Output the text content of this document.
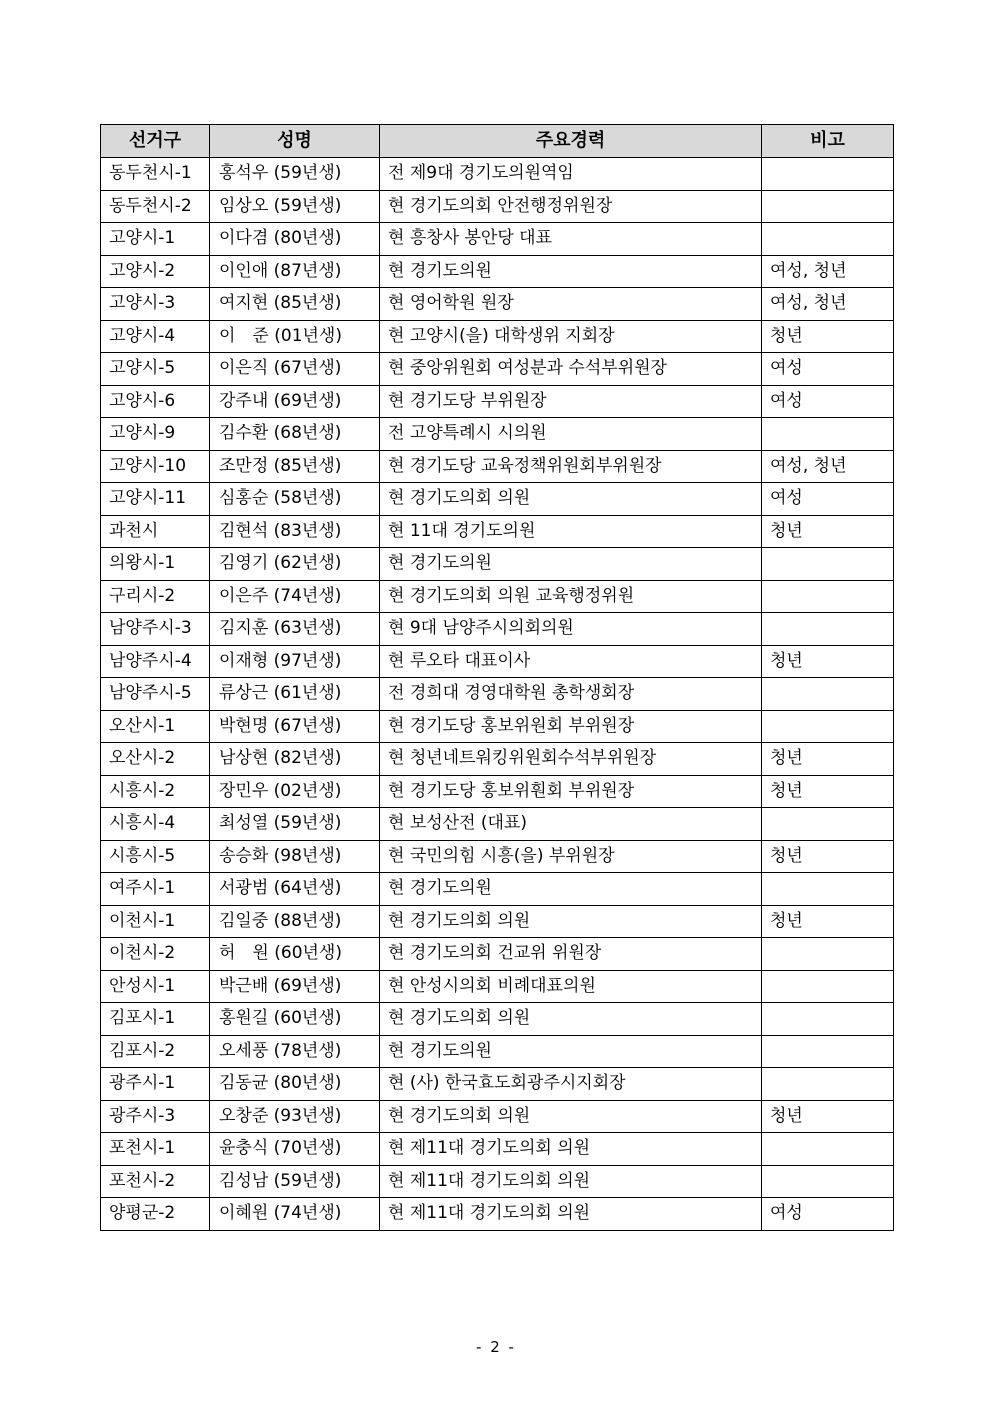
선거구	성명	주요경력	비고
동두천시-1	홍석우 (59년생)	전 제9대 경기도의원역임	
동두천시-2	임상오 (59년생)	현 경기도의회 안전행정위원장	
고양시-1	이다겸 (80년생)	현 흥창사 봉안당 대표	
고양시-2	이인애 (87년생)	현 경기도의원	여성, 청년
고양시-3	여지현 (85년생)	현 영어학원 원장	여성, 청년
고양시-4	이　준 (01년생)	현 고양시(을) 대학생위 지회장	청년
고양시-5	이은직 (67년생)	현 중앙위원회 여성분과 수석부위원장	여성
고양시-6	강주내 (69년생)	현 경기도당 부위원장	여성
고양시-9	김수환 (68년생)	전 고양특례시 시의원	
고양시-10	조만정 (85년생)	현 경기도당 교육정책위원회부위원장	여성, 청년
고양시-11	심홍순 (58년생)	현 경기도의회 의원	여성
과천시	김현석 (83년생)	현 11대 경기도의원	청년
의왕시-1	김영기 (62년생)	현 경기도의원	
구리시-2	이은주 (74년생)	현 경기도의회 의원 교육행정위원	
남양주시-3	김지훈 (63년생)	현 9대 남양주시의회의원	
남양주시-4	이재형 (97년생)	현 루오타 대표이사	청년
남양주시-5	류상근 (61년생)	전 경희대 경영대학원 총학생회장	
오산시-1	박현명 (67년생)	현 경기도당 홍보위원회 부위원장	
오산시-2	남상현 (82년생)	현 청년네트워킹위원회수석부위원장	청년
시흥시-2	장민우 (02년생)	현 경기도당 홍보위훤회 부위원장	청년
시흥시-4	최성열 (59년생)	현 보성산전 (대표)	
시흥시-5	송승화 (98년생)	현 국민의힘 시흥(을) 부위원장	청년
여주시-1	서광범 (64년생)	현 경기도의원	
이천시-1	김일중 (88년생)	현 경기도의회 의원	청년
이천시-2	허　원 (60년생)	현 경기도의회 건교위 위원장	
안성시-1	박근배 (69년생)	현 안성시의회 비례대표의원	
김포시-1	홍원길 (60년생)	현 경기도의회 의원	
김포시-2	오세풍 (78년생)	현 경기도의원	
광주시-1	김동균 (80년생)	현 (사) 한국효도회광주시지회장	
광주시-3	오창준 (93년생)	현 경기도의회 의원	청년
포천시-1	윤충식 (70년생)	현 제11대 경기도의회 의원	
포천시-2	김성남 (59년생)	현 제11대 경기도의회 의원	
양평군-2	이혜원 (74년생)	현 제11대 경기도의회 의원	여성
- 2 -
